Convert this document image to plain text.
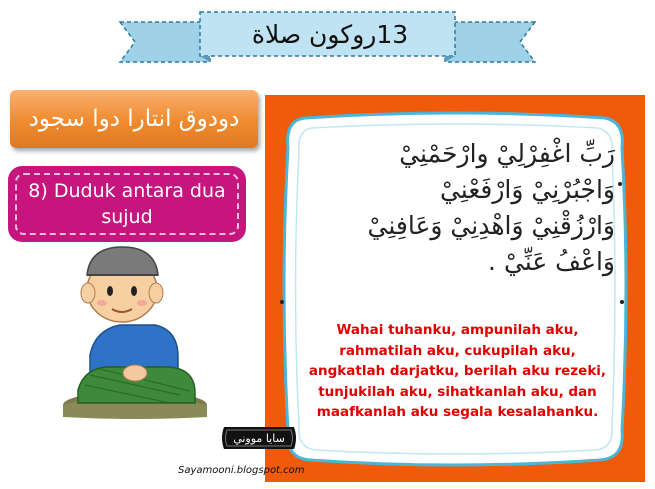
13روكون صلاة
دودوق انتارا دوا سجود
8) Duduk antara dua sujud
رَبِّ اغْفِرْلِيْ وارْحَمْنِيْ
وَاجْبُرْنِيْ وَارْفَعْنِيْ
وَارْزُقْنِيْ وَاهْدِنِيْ وَعَافِنِيْ
وَاعْفُ عَنِّيْ .
Wahai tuhanku, ampunilah aku, rahmatilah aku, cukupilah aku, angkatlah darjatku, berilah aku rezeki, tunjukilah aku, sihatkanlah aku, dan maafkanlah aku segala kesalahanku.
سايا مووني
Sayamooni.blogspot.com
